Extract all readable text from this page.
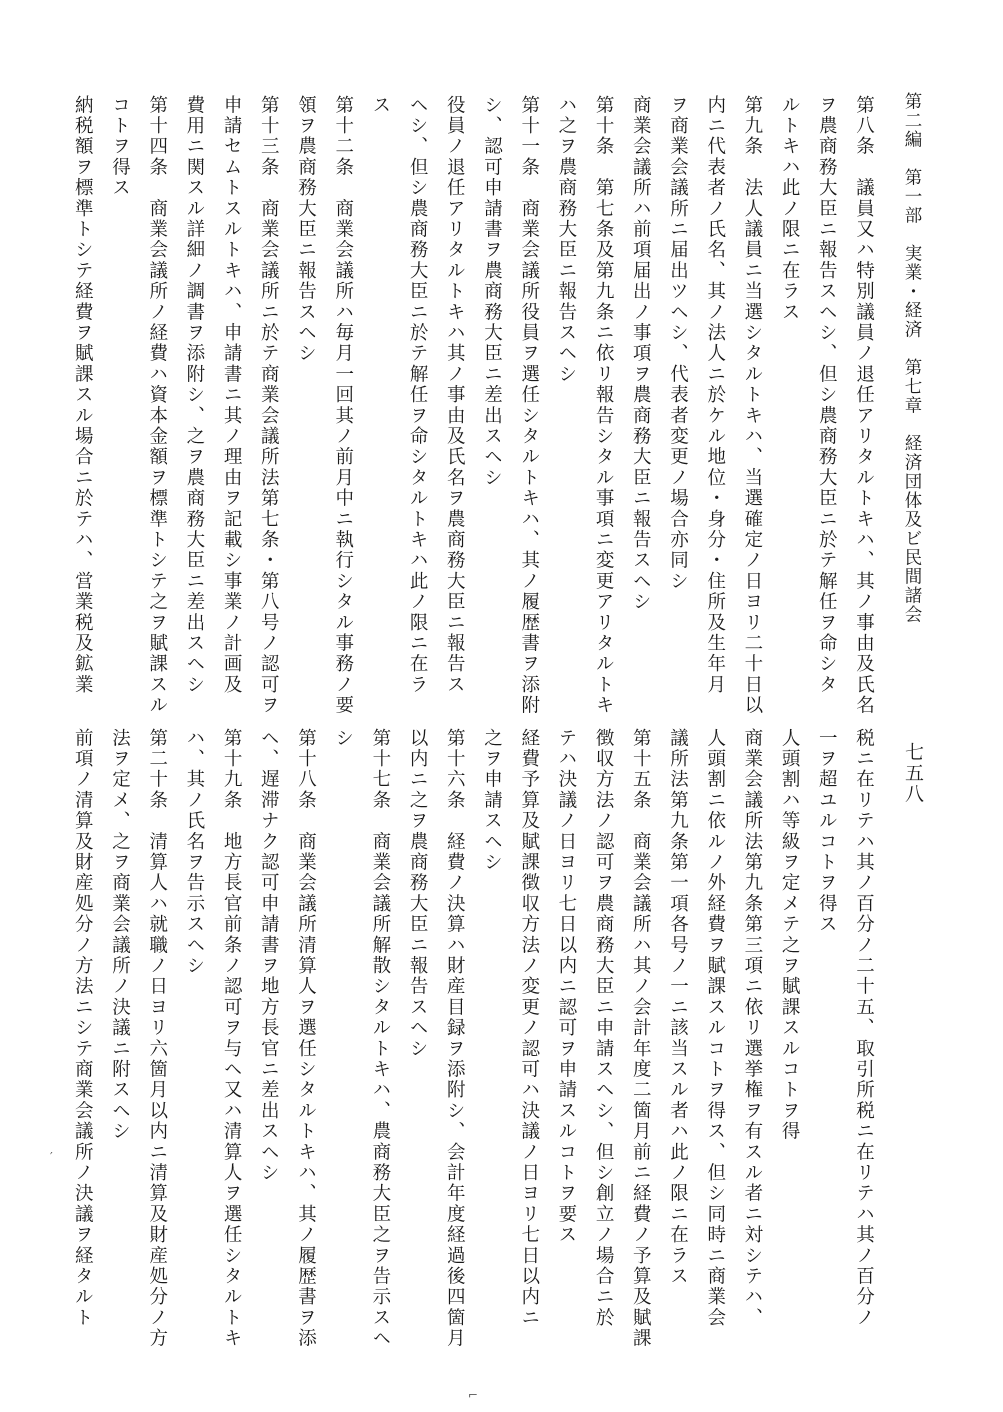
第二編　第一部　実業・経済　第七章　経済団体及ビ民間諸会
七五八
第八条　議員又ハ特別議員ノ退任アリタルトキハ、其ノ事由及氏名
ヲ農商務大臣ニ報告スヘシ、但シ農商務大臣ニ於テ解任ヲ命シタ
ルトキハ此ノ限ニ在ラス
第九条　法人議員ニ当選シタルトキハ、当選確定ノ日ヨリ二十日以
内ニ代表者ノ氏名、其ノ法人ニ於ケル地位・身分・住所及生年月
ヲ商業会議所ニ届出ツヘシ、代表者変更ノ場合亦同シ
商業会議所ハ前項届出ノ事項ヲ農商務大臣ニ報告スヘシ
第十条　第七条及第九条ニ依リ報告シタル事項ニ変更アリタルトキ
ハ之ヲ農商務大臣ニ報告スヘシ
第十一条　商業会議所役員ヲ選任シタルトキハ、其ノ履歴書ヲ添附
シ、認可申請書ヲ農商務大臣ニ差出スヘシ
役員ノ退任アリタルトキハ其ノ事由及氏名ヲ農商務大臣ニ報告ス
ヘシ、但シ農商務大臣ニ於テ解任ヲ命シタルトキハ此ノ限ニ在ラ
ス
第十二条　商業会議所ハ毎月一回其ノ前月中ニ執行シタル事務ノ要
領ヲ農商務大臣ニ報告スヘシ
第十三条　商業会議所ニ於テ商業会議所法第七条・第八号ノ認可ヲ
申請セムトスルトキハ、申請書ニ其ノ理由ヲ記載シ事業ノ計画及
費用ニ関スル詳細ノ調書ヲ添附シ、之ヲ農商務大臣ニ差出スヘシ
第十四条　商業会議所ノ経費ハ資本金額ヲ標準トシテ之ヲ賦課スル
コトヲ得ス
納税額ヲ標準トシテ経費ヲ賦課スル場合ニ於テハ、営業税及鉱業
税ニ在リテハ其ノ百分ノ二十五、取引所税ニ在リテハ其ノ百分ノ
一ヲ超ユルコトヲ得ス
人頭割ハ等級ヲ定メテ之ヲ賦課スルコトヲ得
商業会議所法第九条第三項ニ依リ選挙権ヲ有スル者ニ対シテハ、
人頭割ニ依ルノ外経費ヲ賦課スルコトヲ得ス、但シ同時ニ商業会
議所法第九条第一項各号ノ一ニ該当スル者ハ此ノ限ニ在ラス
第十五条　商業会議所ハ其ノ会計年度二箇月前ニ経費ノ予算及賦課
徴収方法ノ認可ヲ農商務大臣ニ申請スヘシ、但シ創立ノ場合ニ於
テハ決議ノ日ヨリ七日以内ニ認可ヲ申請スルコトヲ要ス
経費予算及賦課徴収方法ノ変更ノ認可ハ決議ノ日ヨリ七日以内ニ
之ヲ申請スヘシ
第十六条　経費ノ決算ハ財産目録ヲ添附シ、会計年度経過後四箇月
以内ニ之ヲ農商務大臣ニ報告スヘシ
第十七条　商業会議所解散シタルトキハ、農商務大臣之ヲ告示スヘ
シ
第十八条　商業会議所清算人ヲ選任シタルトキハ、其ノ履歴書ヲ添
ヘ、遅滞ナク認可申請書ヲ地方長官ニ差出スヘシ
第十九条　地方長官前条ノ認可ヲ与ヘ又ハ清算人ヲ選任シタルトキ
ハ、其ノ氏名ヲ告示スヘシ
第二十条　清算人ハ就職ノ日ヨリ六箇月以内ニ清算及財産処分ノ方
法ヲ定メ、之ヲ商業会議所ノ決議ニ附スヘシ
前項ノ清算及財産処分ノ方法ニシテ商業会議所ノ決議ヲ経タルト
′
⌐
